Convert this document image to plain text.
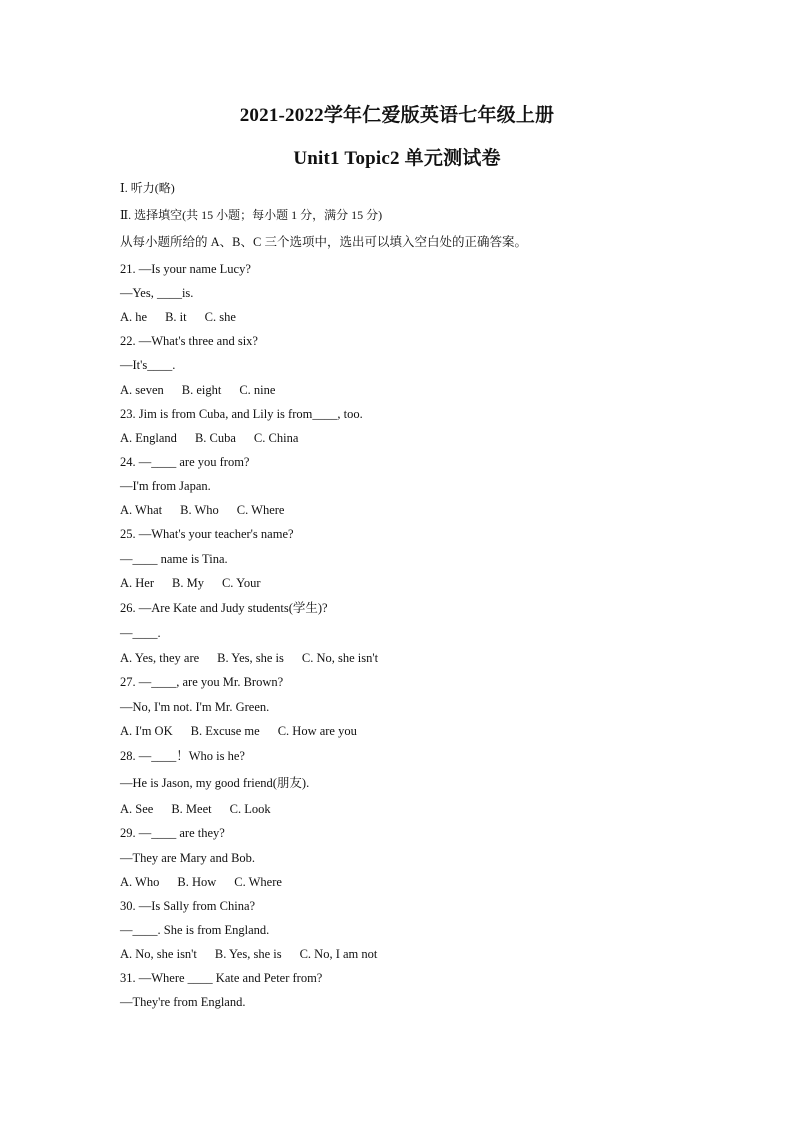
2021-2022学年仁爱版英语七年级上册
Unit1 Topic2 单元测试卷
Ⅰ. 听力(略)
Ⅱ. 选择填空(共 15 小题；每小题 1 分，满分 15 分)
从每小题所给的 A、B、C 三个选项中，选出可以填入空白处的正确答案。
21. —Is your name Lucy?
—Yes, ____is.
A. he B. it C. she
22. —What's three and six?
—It's____.
A. seven B. eight C. nine
23. Jim is from Cuba, and Lily is from____, too.
A. England B. Cuba C. China
24. —____ are you from?
—I'm from Japan.
A. What B. Who C. Where
25. —What's your teacher's name?
—____ name is Tina.
A. Her B. My C. Your
26. —Are Kate and Judy students(学生)?
—____.
A. Yes, they are B. Yes, she is C. No, she isn't
27. —____, are you Mr. Brown?
—No, I'm not. I'm Mr. Green.
A. I'm OK B. Excuse me C. How are you
28. —____！Who is he?
—He is Jason, my good friend(朋友).
A. See B. Meet C. Look
29. —____ are they?
—They are Mary and Bob.
A. Who B. How C. Where
30. —Is Sally from China?
—____. She is from England.
A. No, she isn't B. Yes, she is C. No, I am not
31. —Where ____ Kate and Peter from?
—They're from England.
